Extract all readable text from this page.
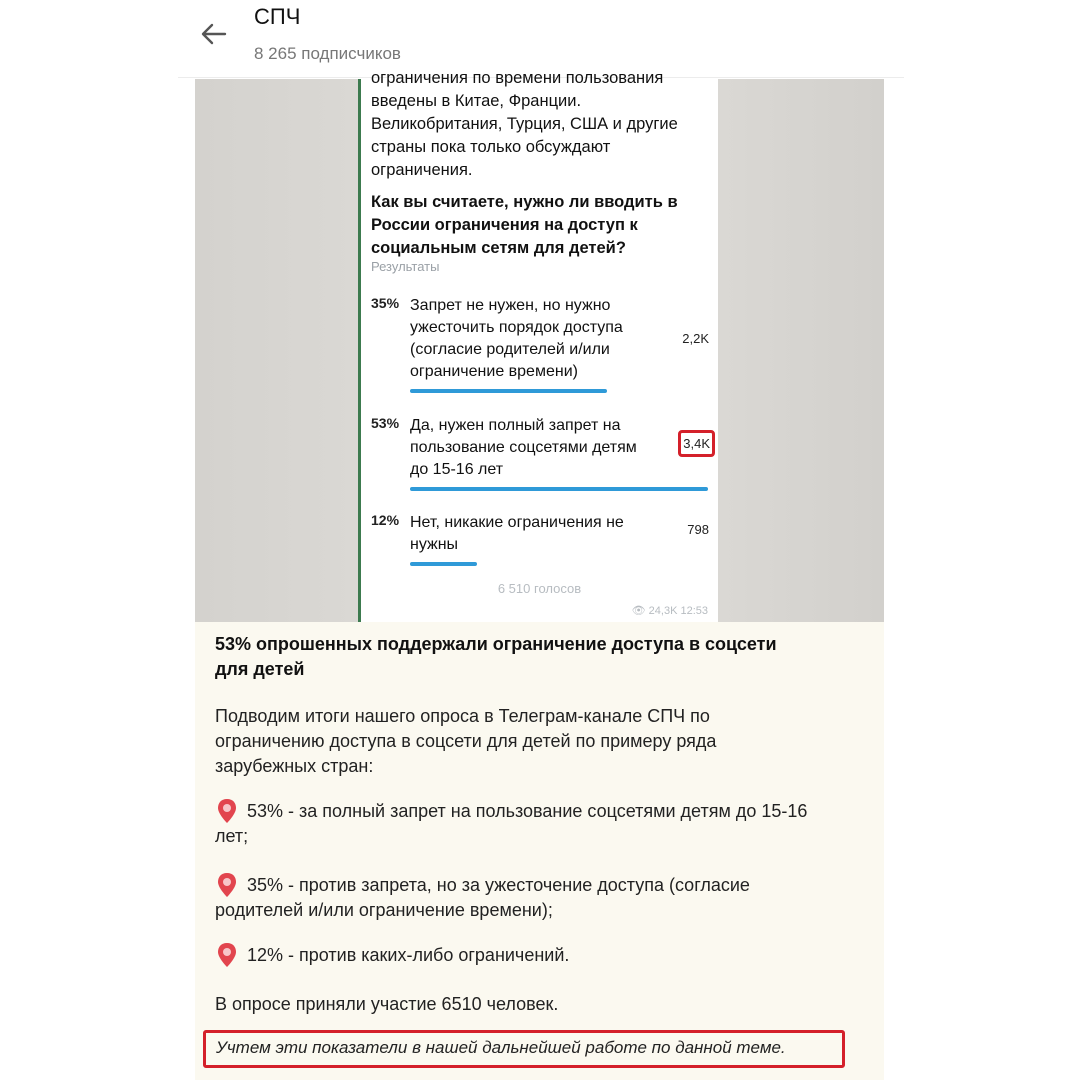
СПЧ
8 265 подписчиков
ограничения по времени пользования
введены в Китае, Франции.
Великобритания, Турция, США и другие
страны пока только обсуждают
ограничения.
Как вы считаете, нужно ли вводить в
России ограничения на доступ к
социальным сетям для детей?
Результаты
35% Запрет не нужен, но нужно
ужесточить порядок доступа
(согласие родителей и/или
ограничение времени)
2,2K
53% Да, нужен полный запрет на
пользование соцсетями детям
до 15-16 лет
3,4K
12% Нет, никакие ограничения не
нужны
798
6 510 голосов
👁︎ 24,3K 12:53
53% опрошенных поддержали ограничение доступа в соцсети
для детей
Подводим итоги нашего опроса в Телеграм-канале СПЧ по
ограничению доступа в соцсети для детей по примеру ряда
зарубежных стран:
53% - за полный запрет на пользование соцсетями детям до 15-16
лет;
35% - против запрета, но за ужесточение доступа (согласие
родителей и/или ограничение времени);
12% - против каких-либо ограничений.
В опросе приняли участие 6510 человек.
Учтем эти показатели в нашей дальнейшей работе по данной теме.
